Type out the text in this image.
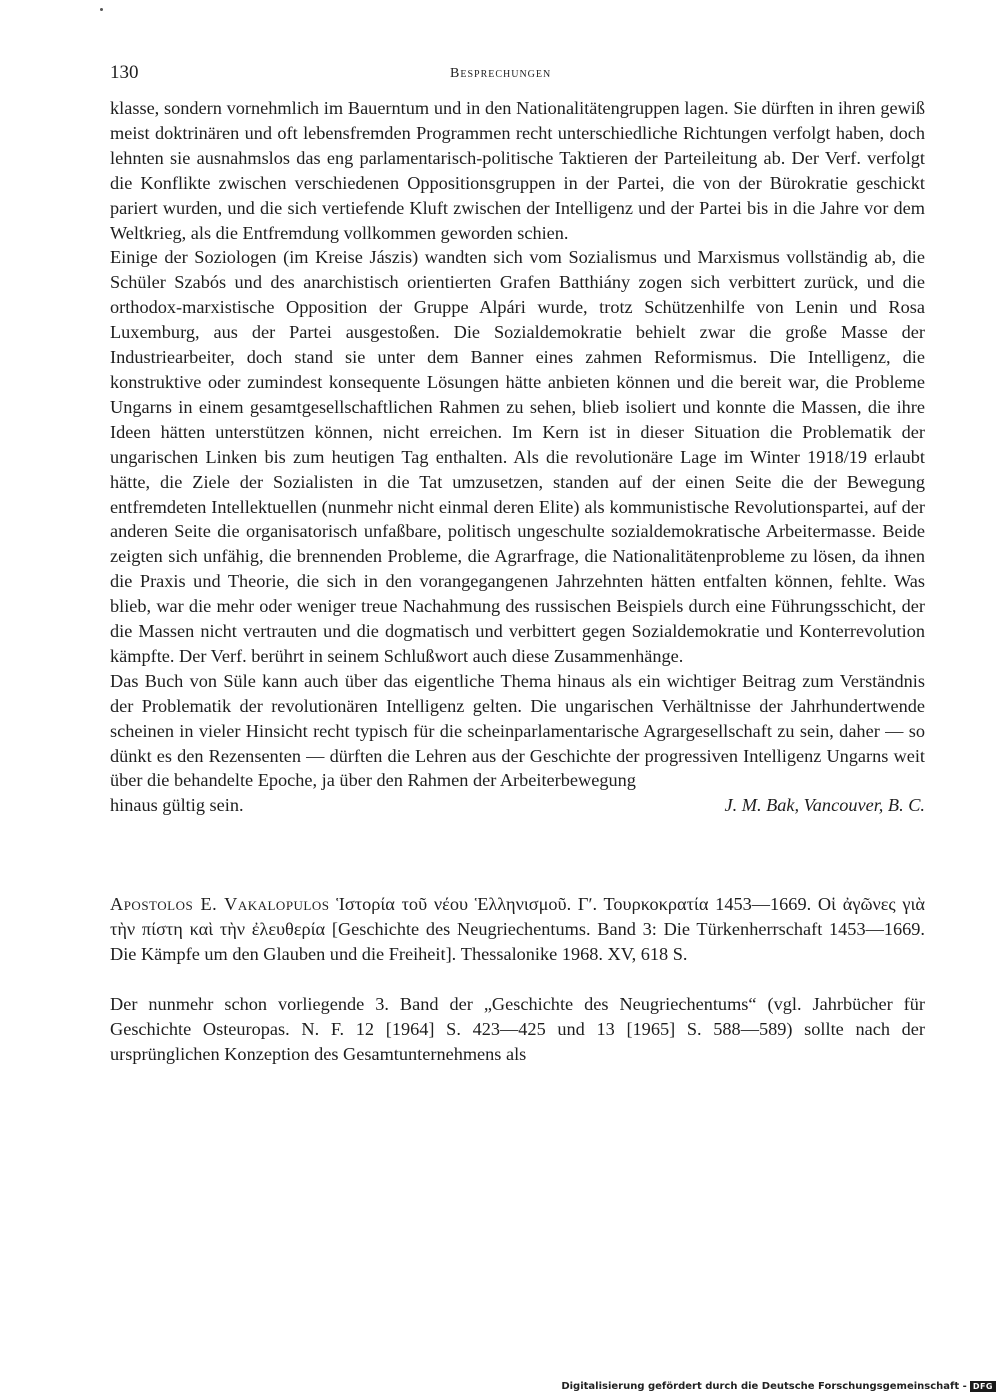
130	Besprechungen

klasse, sondern vornehmlich im Bauerntum und in den Nationalitätengruppen lagen. Sie dürften in ihren gewiß meist doktrinären und oft lebensfremden Programmen recht unterschiedliche Richtungen verfolgt haben, doch lehnten sie ausnahmslos das eng parlamentarisch-politische Taktieren der Parteileitung ab. Der Verf. verfolgt die Konflikte zwischen verschiedenen Oppositionsgruppen in der Partei, die von der Bürokratie geschickt pariert wurden, und die sich vertiefende Kluft zwischen der Intelligenz und der Partei bis in die Jahre vor dem Weltkrieg, als die Entfremdung vollkommen geworden schien.

Einige der Soziologen (im Kreise Jászis) wandten sich vom Sozialismus und Marxismus vollständig ab, die Schüler Szabós und des anarchistisch orientierten Grafen Batthiány zogen sich verbittert zurück, und die orthodox-marxistische Opposition der Gruppe Alpári wurde, trotz Schützenhilfe von Lenin und Rosa Luxemburg, aus der Partei ausgestoßen. Die Sozialdemokratie behielt zwar die große Masse der Industriearbeiter, doch stand sie unter dem Banner eines zahmen Reformismus. Die Intelligenz, die konstruktive oder zumindest konsequente Lösungen hätte anbieten können und die bereit war, die Probleme Ungarns in einem gesamtgesellschaftlichen Rahmen zu sehen, blieb isoliert und konnte die Massen, die ihre Ideen hätten unterstützen können, nicht erreichen. Im Kern ist in dieser Situation die Problematik der ungarischen Linken bis zum heutigen Tag enthalten. Als die revolutionäre Lage im Winter 1918/19 erlaubt hätte, die Ziele der Sozialisten in die Tat umzusetzen, standen auf der einen Seite die der Bewegung entfremdeten Intellektuellen (nunmehr nicht einmal deren Elite) als kommunistische Revolutionspartei, auf der anderen Seite die organisatorisch unfaßbare, politisch ungeschulte sozialdemokratische Arbeitermasse. Beide zeigten sich unfähig, die brennenden Probleme, die Agrarfrage, die Nationalitätenprobleme zu lösen, da ihnen die Praxis und Theorie, die sich in den vorangegangenen Jahrzehnten hätten entfalten können, fehlte. Was blieb, war die mehr oder weniger treue Nachahmung des russischen Beispiels durch eine Führungsschicht, der die Massen nicht vertrauten und die dogmatisch und verbittert gegen Sozialdemokratie und Konterrevolution kämpfte. Der Verf. berührt in seinem Schlußwort auch diese Zusammenhänge.

Das Buch von Süle kann auch über das eigentliche Thema hinaus als ein wichtiger Beitrag zum Verständnis der Problematik der revolutionären Intelligenz gelten. Die ungarischen Verhältnisse der Jahrhundertwende scheinen in vieler Hinsicht recht typisch für die scheinparlamentarische Agrargesellschaft zu sein, daher — so dünkt es den Rezensenten — dürften die Lehren aus der Geschichte der progressiven Intelligenz Ungarns weit über die behandelte Epoche, ja über den Rahmen der Arbeiterbewegung

hinaus gültig sein.	J. M. Bak, Vancouver, B. C.

Apostolos E. Vakalopulos Ἱστορία τοῦ νέου Ἑλληνισμοῦ. Γʹ. Τουρκοκρατία 1453—1669. Οἱ ἀγῶνες γιὰ τὴν πίστη καὶ τὴν ἐλευθερία [Geschichte des Neugriechentums. Band 3: Die Türkenherrschaft 1453—1669. Die Kämpfe um den Glauben und die Freiheit]. Thessalonike 1968. XV, 618 S.

Der nunmehr schon vorliegende 3. Band der „Geschichte des Neugriechentums“ (vgl. Jahrbücher für Geschichte Osteuropas. N. F. 12 [1964] S. 423—425 und 13 [1965] S. 588—589) sollte nach der ursprünglichen Konzeption des Gesamtunternehmens als

Digitalisierung gefördert durch die Deutsche Forschungsgemeinschaft - DFG
